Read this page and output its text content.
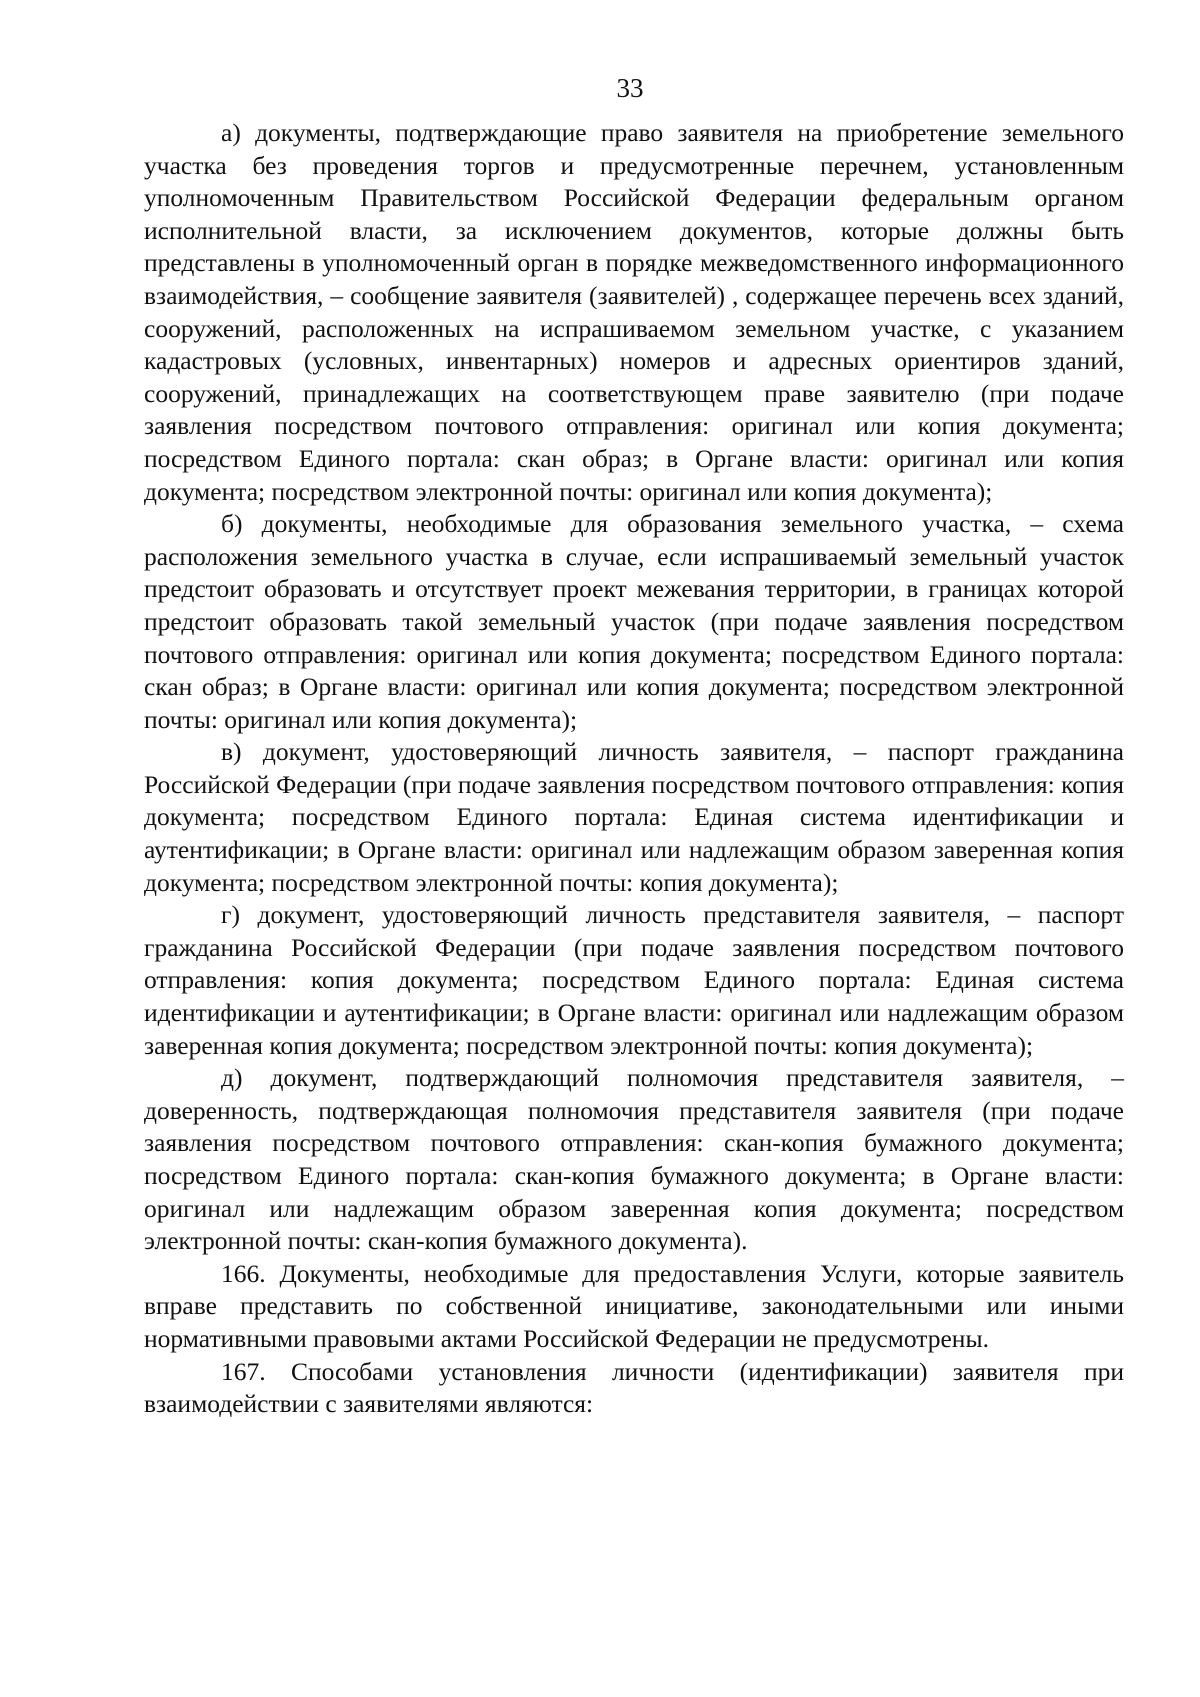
33

а) документы, подтверждающие право заявителя на приобретение земельного участка без проведения торгов и предусмотренные перечнем, установленным уполномоченным Правительством Российской Федерации федеральным органом исполнительной власти, за исключением документов, которые должны быть представлены в уполномоченный орган в порядке межведомственного информационного взаимодействия, – сообщение заявителя (заявителей) , содержащее перечень всех зданий, сооружений, расположенных на испрашиваемом земельном участке, с указанием кадастровых (условных, инвентарных) номеров и адресных ориентиров зданий, сооружений, принадлежащих на соответствующем праве заявителю (при подаче заявления посредством почтового отправления: оригинал или копия документа; посредством Единого портала: скан образ; в Органе власти: оригинал или копия документа; посредством электронной почты: оригинал или копия документа);

б) документы, необходимые для образования земельного участка, – схема расположения земельного участка в случае, если испрашиваемый земельный участок предстоит образовать и отсутствует проект межевания территории, в границах которой предстоит образовать такой земельный участок (при подаче заявления посредством почтового отправления: оригинал или копия документа; посредством Единого портала: скан образ; в Органе власти: оригинал или копия документа; посредством электронной почты: оригинал или копия документа);

в) документ, удостоверяющий личность заявителя, – паспорт гражданина Российской Федерации (при подаче заявления посредством почтового отправления: копия документа; посредством Единого портала: Единая система идентификации и аутентификации; в Органе власти: оригинал или надлежащим образом заверенная копия документа; посредством электронной почты: копия документа);

г) документ, удостоверяющий личность представителя заявителя, – паспорт гражданина Российской Федерации (при подаче заявления посредством почтового отправления: копия документа; посредством Единого портала: Единая система идентификации и аутентификации; в Органе власти: оригинал или надлежащим образом заверенная копия документа; посредством электронной почты: копия документа);

д) документ, подтверждающий полномочия представителя заявителя, – доверенность, подтверждающая полномочия представителя заявителя (при подаче заявления посредством почтового отправления: скан-копия бумажного документа; посредством Единого портала: скан-копия бумажного документа; в Органе власти: оригинал или надлежащим образом заверенная копия документа; посредством электронной почты: скан-копия бумажного документа).

166. Документы, необходимые для предоставления Услуги, которые заявитель вправе представить по собственной инициативе, законодательными или иными нормативными правовыми актами Российской Федерации не предусмотрены.

167. Способами установления личности (идентификации) заявителя при взаимодействии с заявителями являются:
